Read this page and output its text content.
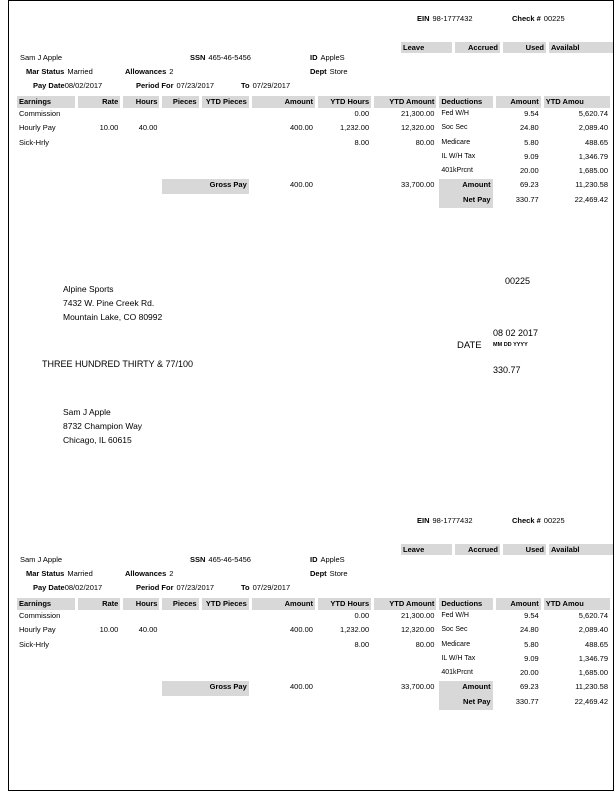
EIN 98-1777432	Check # 00225
Leave	Accrued	Used Availabl
Sam J Apple	SSN 465-46-5456	ID AppleS
Mar Status Married	Allowances 2	Dept Store
Pay Date08/02/2017	Period For 07/23/2017	To 07/29/2017
Earnings	Rate	Hours	Pieces	YTD Pieces	Amount	YTD Hours	YTD Amount	Deductions	Amount	YTD Amou
Commission						0.00	21,300.00	Fed W/H	9.54	5,620.74
Hourly Pay	10.00	40.00			400.00	1,232.00	12,320.00	Soc Sec	24.80	2,089.40
Sick-Hrly						8.00	80.00	Medicare	5.80	488.65
								IL W/H Tax	9.09	1,346.79
								401kPrcnt	20.00	1,685.00
			Gross Pay		400.00		33,700.00	Amount	69.23	11,230.58
								Net Pay	330.77	22,469.42
00225
Alpine Sports
7432 W. Pine Creek Rd.
Mountain Lake, CO 80992
08 02 2017
DATE MM DD YYYY
THREE HUNDRED THIRTY & 77/100
330.77
Sam J Apple
8732 Champion Way
Chicago, IL 60615
EIN 98-1777432	Check # 00225
Leave	Accrued	Used Availabl
Sam J Apple	SSN 465-46-5456	ID AppleS
Mar Status Married	Allowances 2	Dept Store
Pay Date08/02/2017	Period For 07/23/2017	To 07/29/2017
Earnings	Rate	Hours	Pieces	YTD Pieces	Amount	YTD Hours	YTD Amount	Deductions	Amount	YTD Amou
Commission						0.00	21,300.00	Fed W/H	9.54	5,620.74
Hourly Pay	10.00	40.00			400.00	1,232.00	12,320.00	Soc Sec	24.80	2,089.40
Sick-Hrly						8.00	80.00	Medicare	5.80	488.65
								IL W/H Tax	9.09	1,346.79
								401kPrcnt	20.00	1,685.00
			Gross Pay		400.00		33,700.00	Amount	69.23	11,230.58
								Net Pay	330.77	22,469.42
